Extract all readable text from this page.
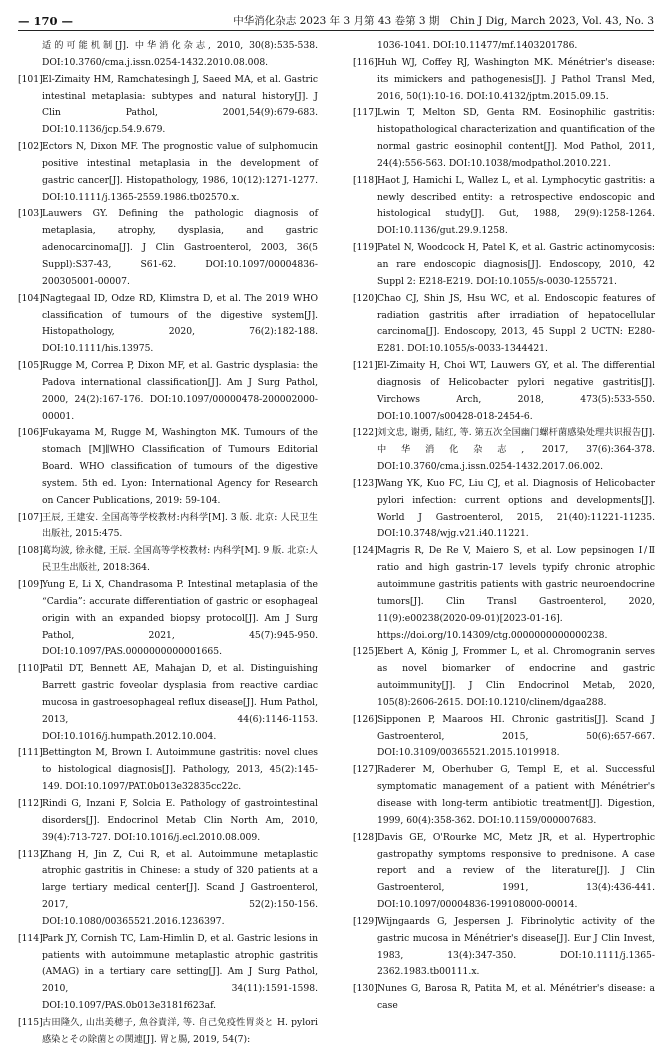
— 170 —	中华消化杂志 2023 年 3 月第 43 卷第 3 期　Chin J Dig, March 2023, Vol. 43, No. 3
适的可能机制[J]. 中华消化杂志, 2010, 30(8):535-538. DOI:10.3760/cma.j.issn.0254-1432.2010.08.008.
[101] El-Zimaity HM, Ramchatesingh J, Saeed MA, et al. Gastric intestinal metaplasia: subtypes and natural history[J]. J Clin Pathol, 2001,54(9):679-683. DOI:10.1136/jcp.54.9.679.
[102] Ectors N, Dixon MF. The prognostic value of sulphomucin positive intestinal metaplasia in the development of gastric cancer[J]. Histopathology, 1986, 10(12):1271-1277. DOI:10.1111/j.1365-2559.1986.tb02570.x.
[103] Lauwers GY. Defining the pathologic diagnosis of metaplasia, atrophy, dysplasia, and gastric adenocarcinoma[J]. J Clin Gastroenterol, 2003, 36(5 Suppl):S37-43, S61-62. DOI:10.1097/00004836-200305001-00007.
[104] Nagtegaal ID, Odze RD, Klimstra D, et al. The 2019 WHO classification of tumours of the digestive system[J]. Histopathology, 2020, 76(2):182-188. DOI:10.1111/his.13975.
[105] Rugge M, Correa P, Dixon MF, et al. Gastric dysplasia: the Padova international classification[J]. Am J Surg Pathol, 2000, 24(2):167-176. DOI:10.1097/00000478-200002000-00001.
[106] Fukayama M, Rugge M, Washington MK. Tumours of the stomach [M]∥WHO Classification of Tumours Editorial Board. WHO classification of tumours of the digestive system. 5th ed. Lyon: International Agency for Research on Cancer Publications, 2019: 59-104.
[107] 王辰, 王建安. 全国高等学校教材:内科学[M]. 3 版. 北京: 人民卫生出版社, 2015:475.
[108] 葛均波, 徐永健, 王辰. 全国高等学校教材: 内科学[M]. 9 版. 北京:人民卫生出版社, 2018:364.
[109] Yung E, Li X, Chandrasoma P. Intestinal metaplasia of the “Cardia”: accurate differentiation of gastric or esophageal origin with an expanded biopsy protocol[J]. Am J Surg Pathol, 2021, 45(7):945-950. DOI:10.1097/PAS.0000000000001665.
[110] Patil DT, Bennett AE, Mahajan D, et al. Distinguishing Barrett gastric foveolar dysplasia from reactive cardiac mucosa in gastroesophageal reflux disease[J]. Hum Pathol, 2013, 44(6):1146-1153. DOI:10.1016/j.humpath.2012.10.004.
[111] Bettington M, Brown I. Autoimmune gastritis: novel clues to histological diagnosis[J]. Pathology, 2013, 45(2):145-149. DOI:10.1097/PAT.0b013e32835cc22c.
[112] Rindi G, Inzani F, Solcia E. Pathology of gastrointestinal disorders[J]. Endocrinol Metab Clin North Am, 2010, 39(4):713-727. DOI:10.1016/j.ecl.2010.08.009.
[113] Zhang H, Jin Z, Cui R, et al. Autoimmune metaplastic atrophic gastritis in Chinese: a study of 320 patients at a large tertiary medical center[J]. Scand J Gastroenterol, 2017, 52(2):150-156. DOI:10.1080/00365521.2016.1236397.
[114] Park JY, Cornish TC, Lam-Himlin D, et al. Gastric lesions in patients with autoimmune metaplastic atrophic gastritis (AMAG) in a tertiary care setting[J]. Am J Surg Pathol, 2010, 34(11):1591-1598. DOI:10.1097/PAS.0b013e3181f623af.
[115] 古田隆久, 山出美穂子, 魚谷貴洋, 等. 自己免疫性胃炎と H. pylori感染とその除菌との関連[J]. 胃と腸, 2019, 54(7):
1036-1041. DOI:10.11477/mf.1403201786.
[116] Huh WJ, Coffey RJ, Washington MK. Ménétrier's disease: its mimickers and pathogenesis[J]. J Pathol Transl Med, 2016, 50(1):10-16. DOI:10.4132/jptm.2015.09.15.
[117] Lwin T, Melton SD, Genta RM. Eosinophilic gastritis: histopathological characterization and quantification of the normal gastric eosinophil content[J]. Mod Pathol, 2011, 24(4):556-563. DOI:10.1038/modpathol.2010.221.
[118] Haot J, Hamichi L, Wallez L, et al. Lymphocytic gastritis: a newly described entity: a retrospective endoscopic and histological study[J]. Gut, 1988, 29(9):1258-1264. DOI:10.1136/gut.29.9.1258.
[119] Patel N, Woodcock H, Patel K, et al. Gastric actinomycosis: an rare endoscopic diagnosis[J]. Endoscopy, 2010, 42 Suppl 2: E218-E219. DOI:10.1055/s-0030-1255721.
[120] Chao CJ, Shin JS, Hsu WC, et al. Endoscopic features of radiation gastritis after irradiation of hepatocellular carcinoma[J]. Endoscopy, 2013, 45 Suppl 2 UCTN: E280-E281. DOI:10.1055/s-0033-1344421.
[121] El-Zimaity H, Choi WT, Lauwers GY, et al. The differential diagnosis of Helicobacter pylori negative gastritis[J]. Virchows Arch, 2018, 473(5):533-550. DOI:10.1007/s00428-018-2454-6.
[122] 刘文忠, 谢勇, 陆红, 等. 第五次全国幽门螺杆菌感染处理共识报告[J]. 中华消化杂志, 2017, 37(6):364-378. DOI:10.3760/cma.j.issn.0254-1432.2017.06.002.
[123] Wang YK, Kuo FC, Liu CJ, et al. Diagnosis of Helicobacter pylori infection: current options and developments[J]. World J Gastroenterol, 2015, 21(40):11221-11235. DOI:10.3748/wjg.v21.i40.11221.
[124] Magris R, De Re V, Maiero S, et al. Low pepsinogen Ⅰ/Ⅱ ratio and high gastrin-17 levels typify chronic atrophic autoimmune gastritis patients with gastric neuroendocrine tumors[J]. Clin Transl Gastroenterol, 2020, 11(9):e00238(2020-09-01)[2023-01-16]. https://doi.org/10.14309/ctg.0000000000000238.
[125] Ebert A, König J, Frommer L, et al. Chromogranin serves as novel biomarker of endocrine and gastric autoimmunity[J]. J Clin Endocrinol Metab, 2020, 105(8):2606-2615. DOI:10.1210/clinem/dgaa288.
[126] Sipponen P, Maaroos HI. Chronic gastritis[J]. Scand J Gastroenterol, 2015, 50(6):657-667. DOI:10.3109/00365521.2015.1019918.
[127] Raderer M, Oberhuber G, Templ E, et al. Successful symptomatic management of a patient with Ménétrier's disease with long-term antibiotic treatment[J]. Digestion, 1999, 60(4):358-362. DOI:10.1159/000007683.
[128] Davis GE, O'Rourke MC, Metz JR, et al. Hypertrophic gastropathy symptoms responsive to prednisone. A case report and a review of the literature[J]. J Clin Gastroenterol, 1991, 13(4):436-441. DOI:10.1097/00004836-199108000-00014.
[129] Wijngaards G, Jespersen J. Fibrinolytic activity of the gastric mucosa in Ménétrier's disease[J]. Eur J Clin Invest, 1983, 13(4):347-350. DOI:10.1111/j.1365-2362.1983.tb00111.x.
[130] Nunes G, Barosa R, Patita M, et al. Ménétrier's disease: a case
